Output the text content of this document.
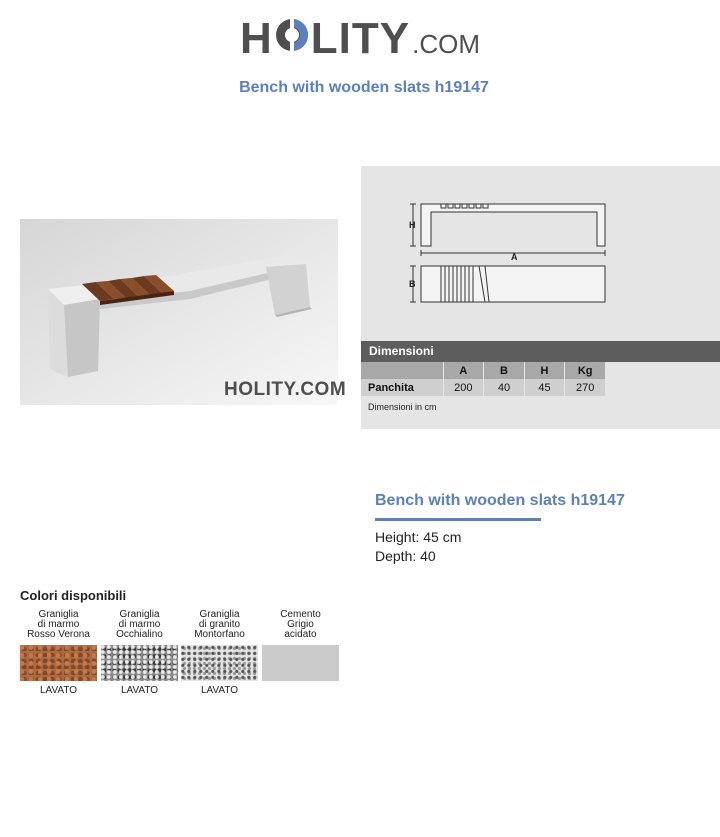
H LITY .COM
Bench with wooden slats h19147
HOLITY.COM
H
A
B
Dimensioni
	A	B	H	Kg
Panchita	200	40	45	270
Dimensioni in cm
Bench with wooden slats h19147
Height: 45 cm
Depth: 40
Colori disponibili
Graniglia
di marmo
Rosso Verona
LAVATO
Graniglia
di marmo
Occhialino
LAVATO
Graniglia
di granito
Montorfano
LAVATO
Cemento
Grigio
acidato
